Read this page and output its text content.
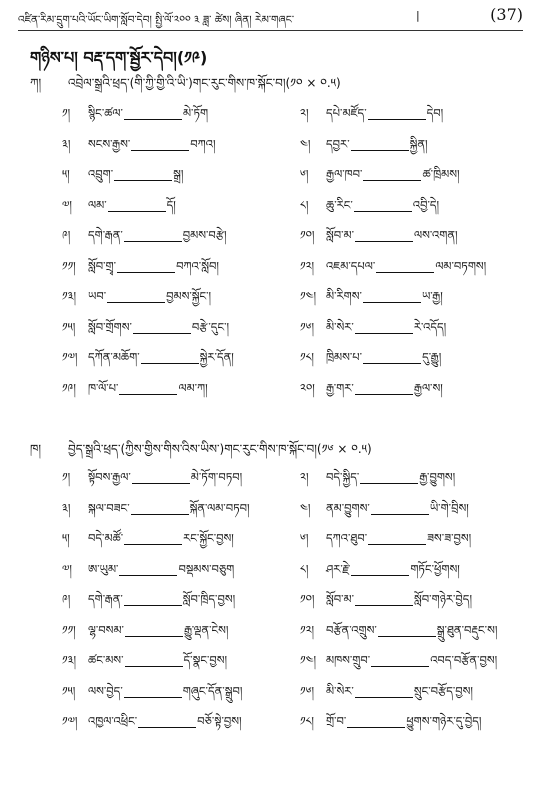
འཛིན་རིམ་དྲུག་པའི་ཡོང་ཡིག་སློབ་དེབ། སྤྱི་ལོ་༢༠༠ ༣ ཟླ་ ཚེས། ཞིན། རེམ་གཞང་	|	(37)
གཉིས་པ། བརྡ་དག་སྦྱོར་དེབ།(༡༩)
ཀ། འབྲེལ་སྒྲའི་ཕྲད་(གི་ཀྱི་གྱི་འི་ཡི་)གང་རུང་གིས་ཁ་སྐོང་བ།(༡༠ × ༠.༥)
༡། སྙིང་ཚལ་	མེ་ཏོག	༢། དཔེ་མཛོད་	དེབ།
༣། སངས་རྒྱས་	བཀའ།	༤། དབྱར་	སྐྱིན།
༥། འབྲུག་	སྒྲ།	༦། རྒྱལ་ཁབ་	ཚ་ཁྲིམས།
༧། ལམ་	དོ།	༨། ཆུ་རིང་	འབྱི་དེ།
༩། དགེ་རྒན་	བྱམས་བརྩེ།	༡༠། སློབ་མ་	ལས་འགན།
༡༡། སློབ་གྲྭ་	བཀའ་སློབ།	༡༢། འཇམ་དཔལ་	ལམ་བཏགས།
༡༣། ཡབ་	བྱམས་སྐྱོང་།	༡༤། མི་རིགས་	ཡ་རྒྱ།
༡༥། སློབ་གྲོགས་	བརྩེ་དུང་།	༡༦། མི་སེར་	རེ་འདོད།
༡༧། དཀོན་མཆོག་	སྐྱེར་དོན།	༡༨། ཁྲིམས་པ་	དུ་རྒྱུ།
༡༩། ཁ་ལོ་པ་	ལམ་ཀ།	༢༠། རྒྱ་གར་	རྒྱལ་ས།
ཁ། བྱེད་སྒྲའི་ཕྲད་(ཀྱིས་གྱིས་གིས་འིས་ཡིས་)གང་རུང་གིས་ཁ་སྐོང་བ།(༡༦ × ༠.༥)
༡། སྟོབས་རྒྱལ་	མེ་ཏོག་བཏབ།	༢། བདེ་སྐྱིད་	རྒྱ་བྱུགས།
༣། སྐལ་བཟང་	སྐོན་ལམ་བཏབ།	༤། ནམ་བྱུགས་	ཡི་གེ་བྲིས།
༥། བདེ་མཚོ་	རང་སྐྱོང་བྱས།	༦། དཀའ་ཐུབ་	ཟས་ཟ་བྱས།
༧། ཨ་ཡུམ་	བསྡམས་བཅུག	༨། ཤར་རྗེ་	གཏོང་ཕྱོགས།
༩། དགེ་རྒན་	སློབ་ཁྲིད་བྱས།	༡༠། སློབ་མ་	སློབ་གཉེར་བྱེད།
༡༡། ལྷ་བསམ་	རྒྱུ་ལྡན་ངེས།	༡༢། བརྩོན་འགྲུས་	སྒྲུ་ཐུན་བརྡུང་ས།
༡༣། ཚང་མས་	དོ་སྣང་བྱས།	༡༤། མཁས་གྲུབ་	འབད་བརྩོན་བྱས།
༡༥། ལས་བྱེད་	གཞུང་དོན་སྒྲུབ།	༡༦། མི་སེར་	སྲུང་བརྩོད་བྱས།
༡༧། འཁྱལ་འཕྲིང་	བཅོ་སྟེ་བྱས།	༡༨། གྲོ་བ་	ཕྱུགས་གཉེར་དུ་བྱེད།
